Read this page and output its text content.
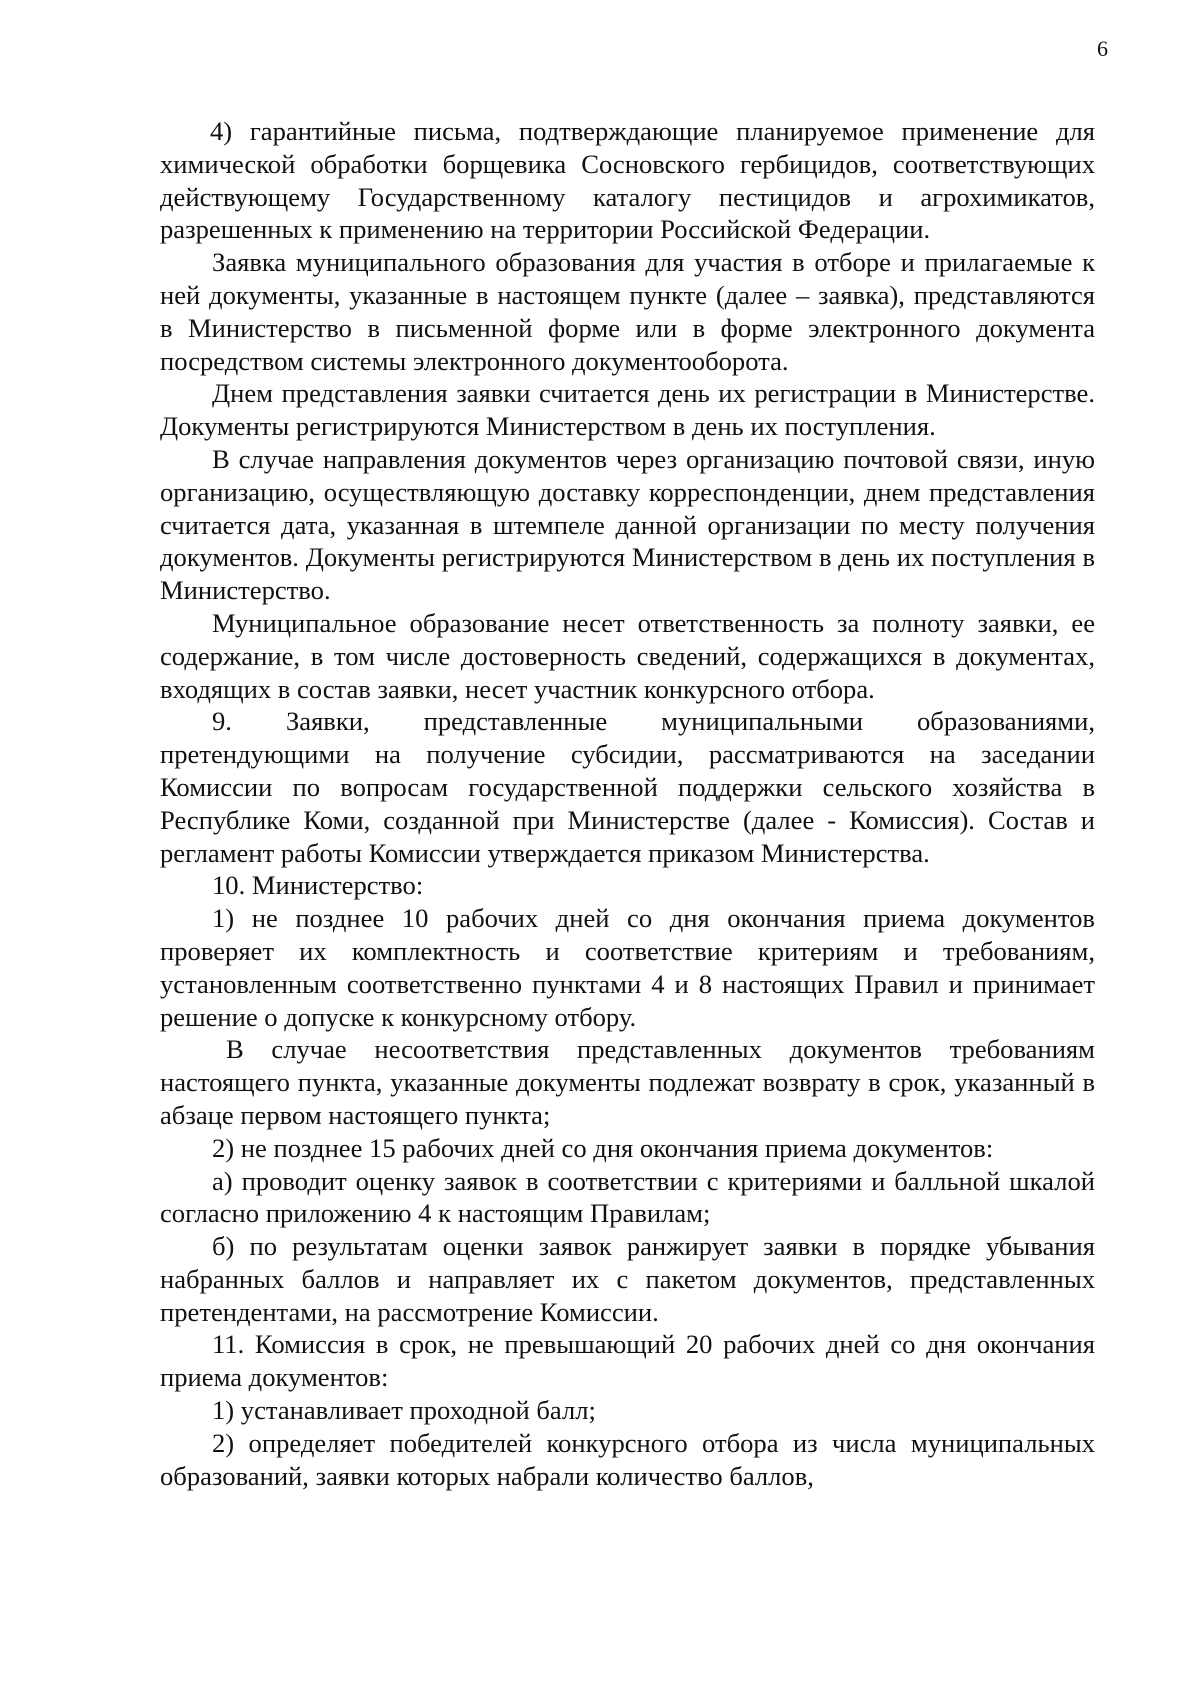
6

4) гарантийные письма, подтверждающие планируемое применение для химической обработки борщевика Сосновского гербицидов, соответствующих действующему Государственному каталогу пестицидов и агрохимикатов, разрешенных к применению на территории Российской Федерации.

Заявка муниципального образования для участия в отборе и прилагаемые к ней документы, указанные в настоящем пункте (далее – заявка), представляются в Министерство в письменной форме или в форме электронного документа посредством системы электронного документооборота.

Днем представления заявки считается день их регистрации в Министерстве. Документы регистрируются Министерством в день их поступления.

В случае направления документов через организацию почтовой связи, иную организацию, осуществляющую доставку корреспонденции, днем представления считается дата, указанная в штемпеле данной организации по месту получения документов. Документы регистрируются Министерством в день их поступления в Министерство.

Муниципальное образование несет ответственность за полноту заявки, ее содержание, в том числе достоверность сведений, содержащихся в документах, входящих в состав заявки, несет участник конкурсного отбора.

9. Заявки, представленные муниципальными образованиями, претендующими на получение субсидии, рассматриваются на заседании Комиссии по вопросам государственной поддержки сельского хозяйства в Республике Коми, созданной при Министерстве (далее - Комиссия). Состав и регламент работы Комиссии утверждается приказом Министерства.

10. Министерство:

1) не позднее 10 рабочих дней со дня окончания приема документов проверяет их комплектность и соответствие критериям и требованиям, установленным соответственно пунктами 4 и 8 настоящих Правил и принимает решение о допуске к конкурсному отбору.

В случае несоответствия представленных документов требованиям настоящего пункта, указанные документы подлежат возврату в срок, указанный в абзаце первом настоящего пункта;

2) не позднее 15 рабочих дней со дня окончания приема документов:

а) проводит оценку заявок в соответствии с критериями и балльной шкалой согласно приложению 4 к настоящим Правилам;

б) по результатам оценки заявок ранжирует заявки в порядке убывания набранных баллов и направляет их с пакетом документов, представленных претендентами, на рассмотрение Комиссии.

11. Комиссия в срок, не превышающий 20 рабочих дней со дня окончания приема документов:

1) устанавливает проходной балл;

2) определяет победителей конкурсного отбора из числа муниципальных образований, заявки которых набрали количество баллов,
